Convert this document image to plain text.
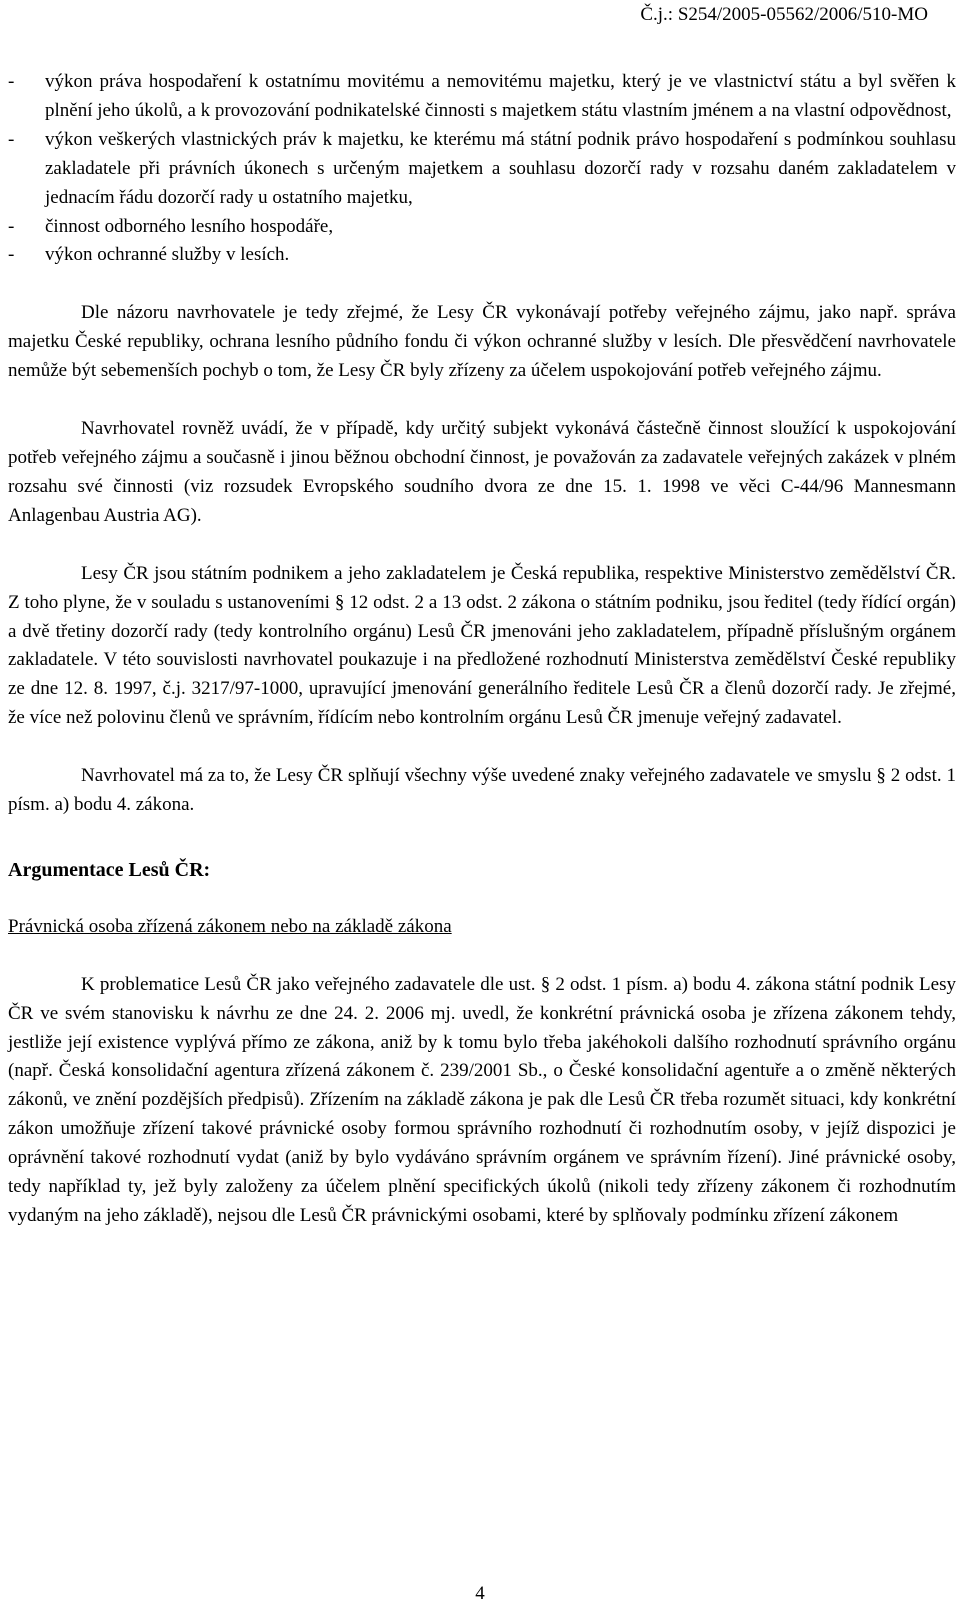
Č.j.: S254/2005-05562/2006/510-MO
- výkon práva hospodaření k ostatnímu movitému a nemovitému majetku, který je ve vlastnictví státu a byl svěřen k plnění jeho úkolů, a k provozování podnikatelské činnosti s majetkem státu vlastním jménem a na vlastní odpovědnost,
- výkon veškerých vlastnických práv k majetku, ke kterému má státní podnik právo hospodaření s podmínkou souhlasu zakladatele při právních úkonech s určeným majetkem a souhlasu dozorčí rady v rozsahu daném zakladatelem v jednacím řádu dozorčí rady u ostatního majetku,
- činnost odborného lesního hospodáře,
- výkon ochranné služby v lesích.

Dle názoru navrhovatele je tedy zřejmé, že Lesy ČR vykonávají potřeby veřejného zájmu, jako např. správa majetku České republiky, ochrana lesního půdního fondu či výkon ochranné služby v lesích. Dle přesvědčení navrhovatele nemůže být sebemenších pochyb o tom, že Lesy ČR byly zřízeny za účelem uspokojování potřeb veřejného zájmu.

Navrhovatel rovněž uvádí, že v případě, kdy určitý subjekt vykonává částečně činnost sloužící k uspokojování potřeb veřejného zájmu a současně i jinou běžnou obchodní činnost, je považován za zadavatele veřejných zakázek v plném rozsahu své činnosti (viz rozsudek Evropského soudního dvora ze dne 15. 1. 1998 ve věci C-44/96 Mannesmann Anlagenbau Austria AG).

Lesy ČR jsou státním podnikem a jeho zakladatelem je Česká republika, respektive Ministerstvo zemědělství ČR. Z toho plyne, že v souladu s ustanoveními § 12 odst. 2 a 13 odst. 2 zákona o státním podniku, jsou ředitel (tedy řídící orgán) a dvě třetiny dozorčí rady (tedy kontrolního orgánu) Lesů ČR jmenováni jeho zakladatelem, případně příslušným orgánem zakladatele. V této souvislosti navrhovatel poukazuje i na předložené rozhodnutí Ministerstva zemědělství České republiky ze dne 12. 8. 1997, č.j. 3217/97-1000, upravující jmenování generálního ředitele Lesů ČR a členů dozorčí rady. Je zřejmé, že více než polovinu členů ve správním, řídícím nebo kontrolním orgánu Lesů ČR jmenuje veřejný zadavatel.

Navrhovatel má za to, že Lesy ČR splňují všechny výše uvedené znaky veřejného zadavatele ve smyslu § 2 odst. 1 písm. a) bodu 4. zákona.

Argumentace Lesů ČR:

Právnická osoba zřízená zákonem nebo na základě zákona

K problematice Lesů ČR jako veřejného zadavatele dle ust. § 2 odst. 1 písm. a) bodu 4. zákona státní podnik Lesy ČR ve svém stanovisku k návrhu ze dne 24. 2. 2006 mj. uvedl, že konkrétní právnická osoba je zřízena zákonem tehdy, jestliže její existence vyplývá přímo ze zákona, aniž by k tomu bylo třeba jakéhokoli dalšího rozhodnutí správního orgánu (např. Česká konsolidační agentura zřízená zákonem č. 239/2001 Sb., o České konsolidační agentuře a o změně některých zákonů, ve znění pozdějších předpisů). Zřízením na základě zákona je pak dle Lesů ČR třeba rozumět situaci, kdy konkrétní zákon umožňuje zřízení takové právnické osoby formou správního rozhodnutí či rozhodnutím osoby, v jejíž dispozici je oprávnění takové rozhodnutí vydat (aniž by bylo vydáváno správním orgánem ve správním řízení). Jiné právnické osoby, tedy například ty, jež byly založeny za účelem plnění specifických úkolů (nikoli tedy zřízeny zákonem či rozhodnutím vydaným na jeho základě), nejsou dle Lesů ČR právnickými osobami, které by splňovaly podmínku zřízení zákonem

4
